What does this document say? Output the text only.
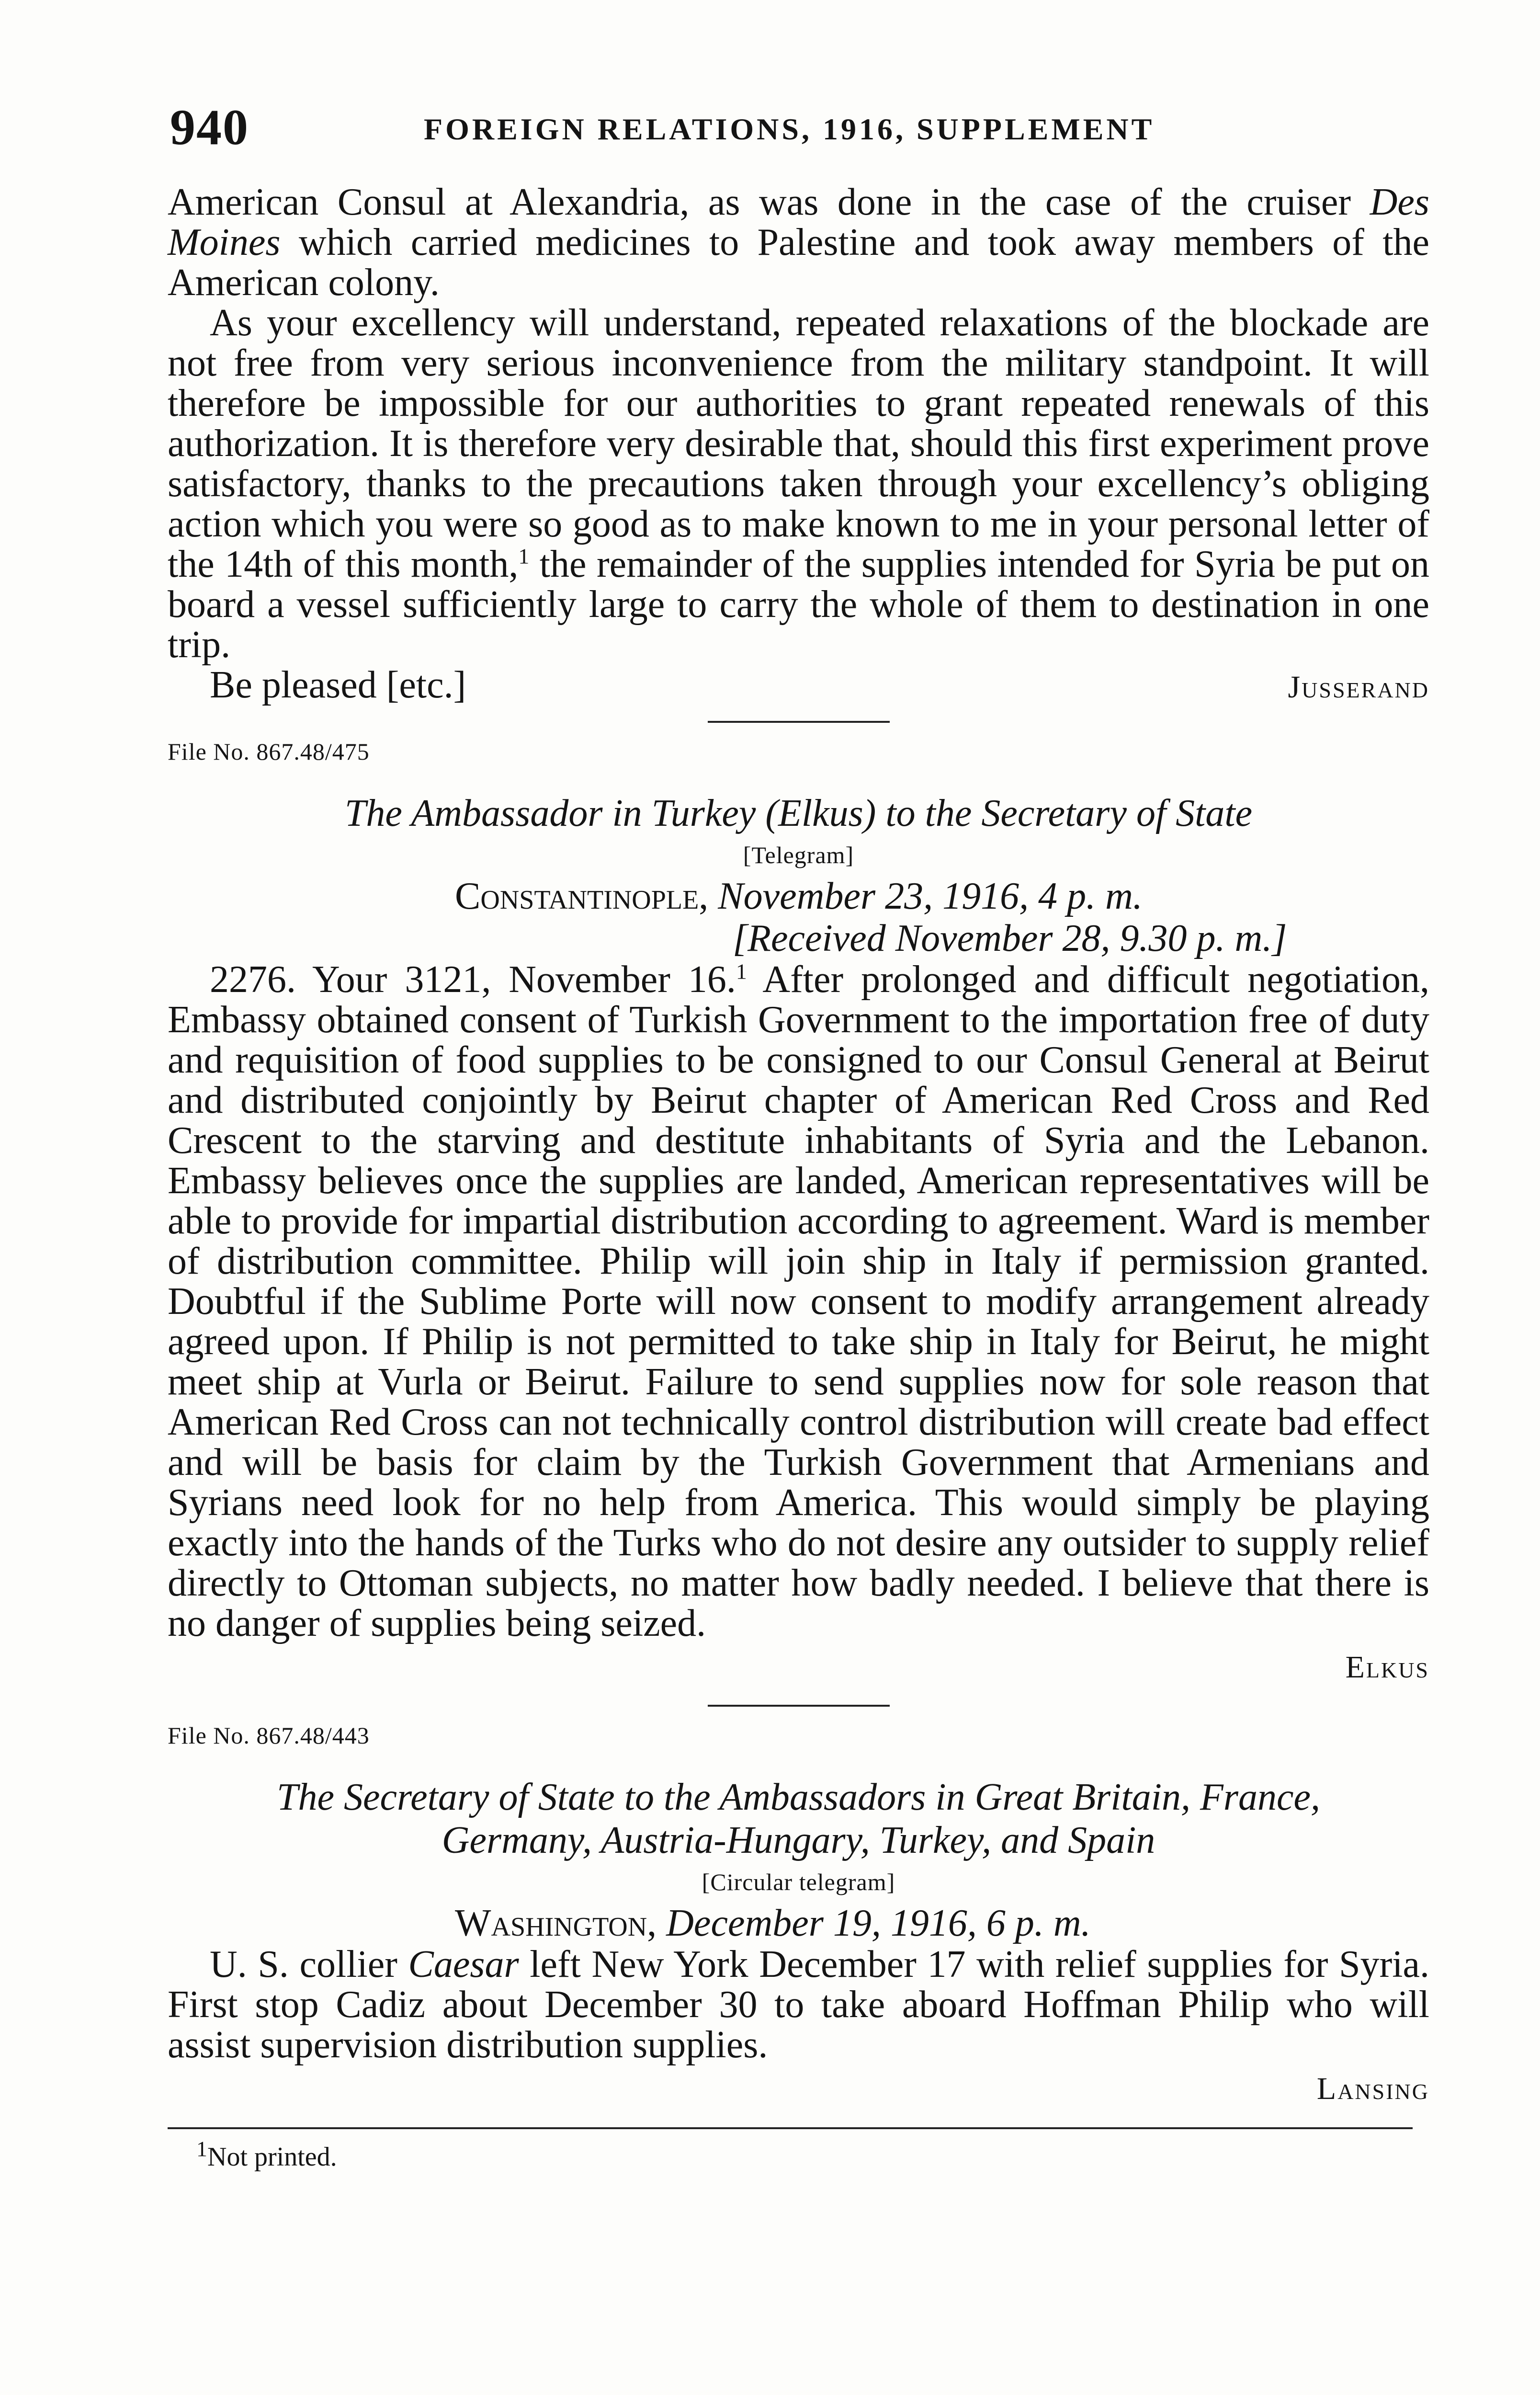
940	FOREIGN RELATIONS, 1916, SUPPLEMENT

American Consul at Alexandria, as was done in the case of the cruiser Des Moines which carried medicines to Palestine and took away members of the American colony.

As your excellency will understand, repeated relaxations of the blockade are not free from very serious inconvenience from the military standpoint. It will therefore be impossible for our authorities to grant repeated renewals of this authorization. It is therefore very desirable that, should this first experiment prove satisfactory, thanks to the precautions taken through your excellency’s obliging action which you were so good as to make known to me in your personal letter of the 14th of this month,$^1$ the remainder of the supplies intended for Syria be put on board a vessel sufficiently large to carry the whole of them to destination in one trip.

Be pleased [etc.]	Jusserand

File No. 867.48/475

The Ambassador in Turkey (Elkus) to the Secretary of State

[Telegram]

Constantinople, November 23, 1916, 4 p. m.

[Received November 28, 9.30 p. m.]

2276. Your 3121, November 16.$^1$ After prolonged and difficult negotiation, Embassy obtained consent of Turkish Government to the importation free of duty and requisition of food supplies to be consigned to our Consul General at Beirut and distributed conjointly by Beirut chapter of American Red Cross and Red Crescent to the starving and destitute inhabitants of Syria and the Lebanon. Embassy believes once the supplies are landed, American representatives will be able to provide for impartial distribution according to agreement. Ward is member of distribution committee. Philip will join ship in Italy if permission granted. Doubtful if the Sublime Porte will now consent to modify arrangement already agreed upon. If Philip is not permitted to take ship in Italy for Beirut, he might meet ship at Vurla or Beirut. Failure to send supplies now for sole reason that American Red Cross can not technically control distribution will create bad effect and will be basis for claim by the Turkish Government that Armenians and Syrians need look for no help from America. This would simply be playing exactly into the hands of the Turks who do not desire any outsider to supply relief directly to Ottoman subjects, no matter how badly needed. I believe that there is no danger of supplies being seized.

Elkus

File No. 867.48/443

The Secretary of State to the Ambassadors in Great Britain, France,
Germany, Austria-Hungary, Turkey, and Spain

[Circular telegram]

Washington, December 19, 1916, 6 p. m.

U. S. collier Caesar left New York December 17 with relief supplies for Syria. First stop Cadiz about December 30 to take aboard Hoffman Philip who will assist supervision distribution supplies.

Lansing

$^1$Not printed.
